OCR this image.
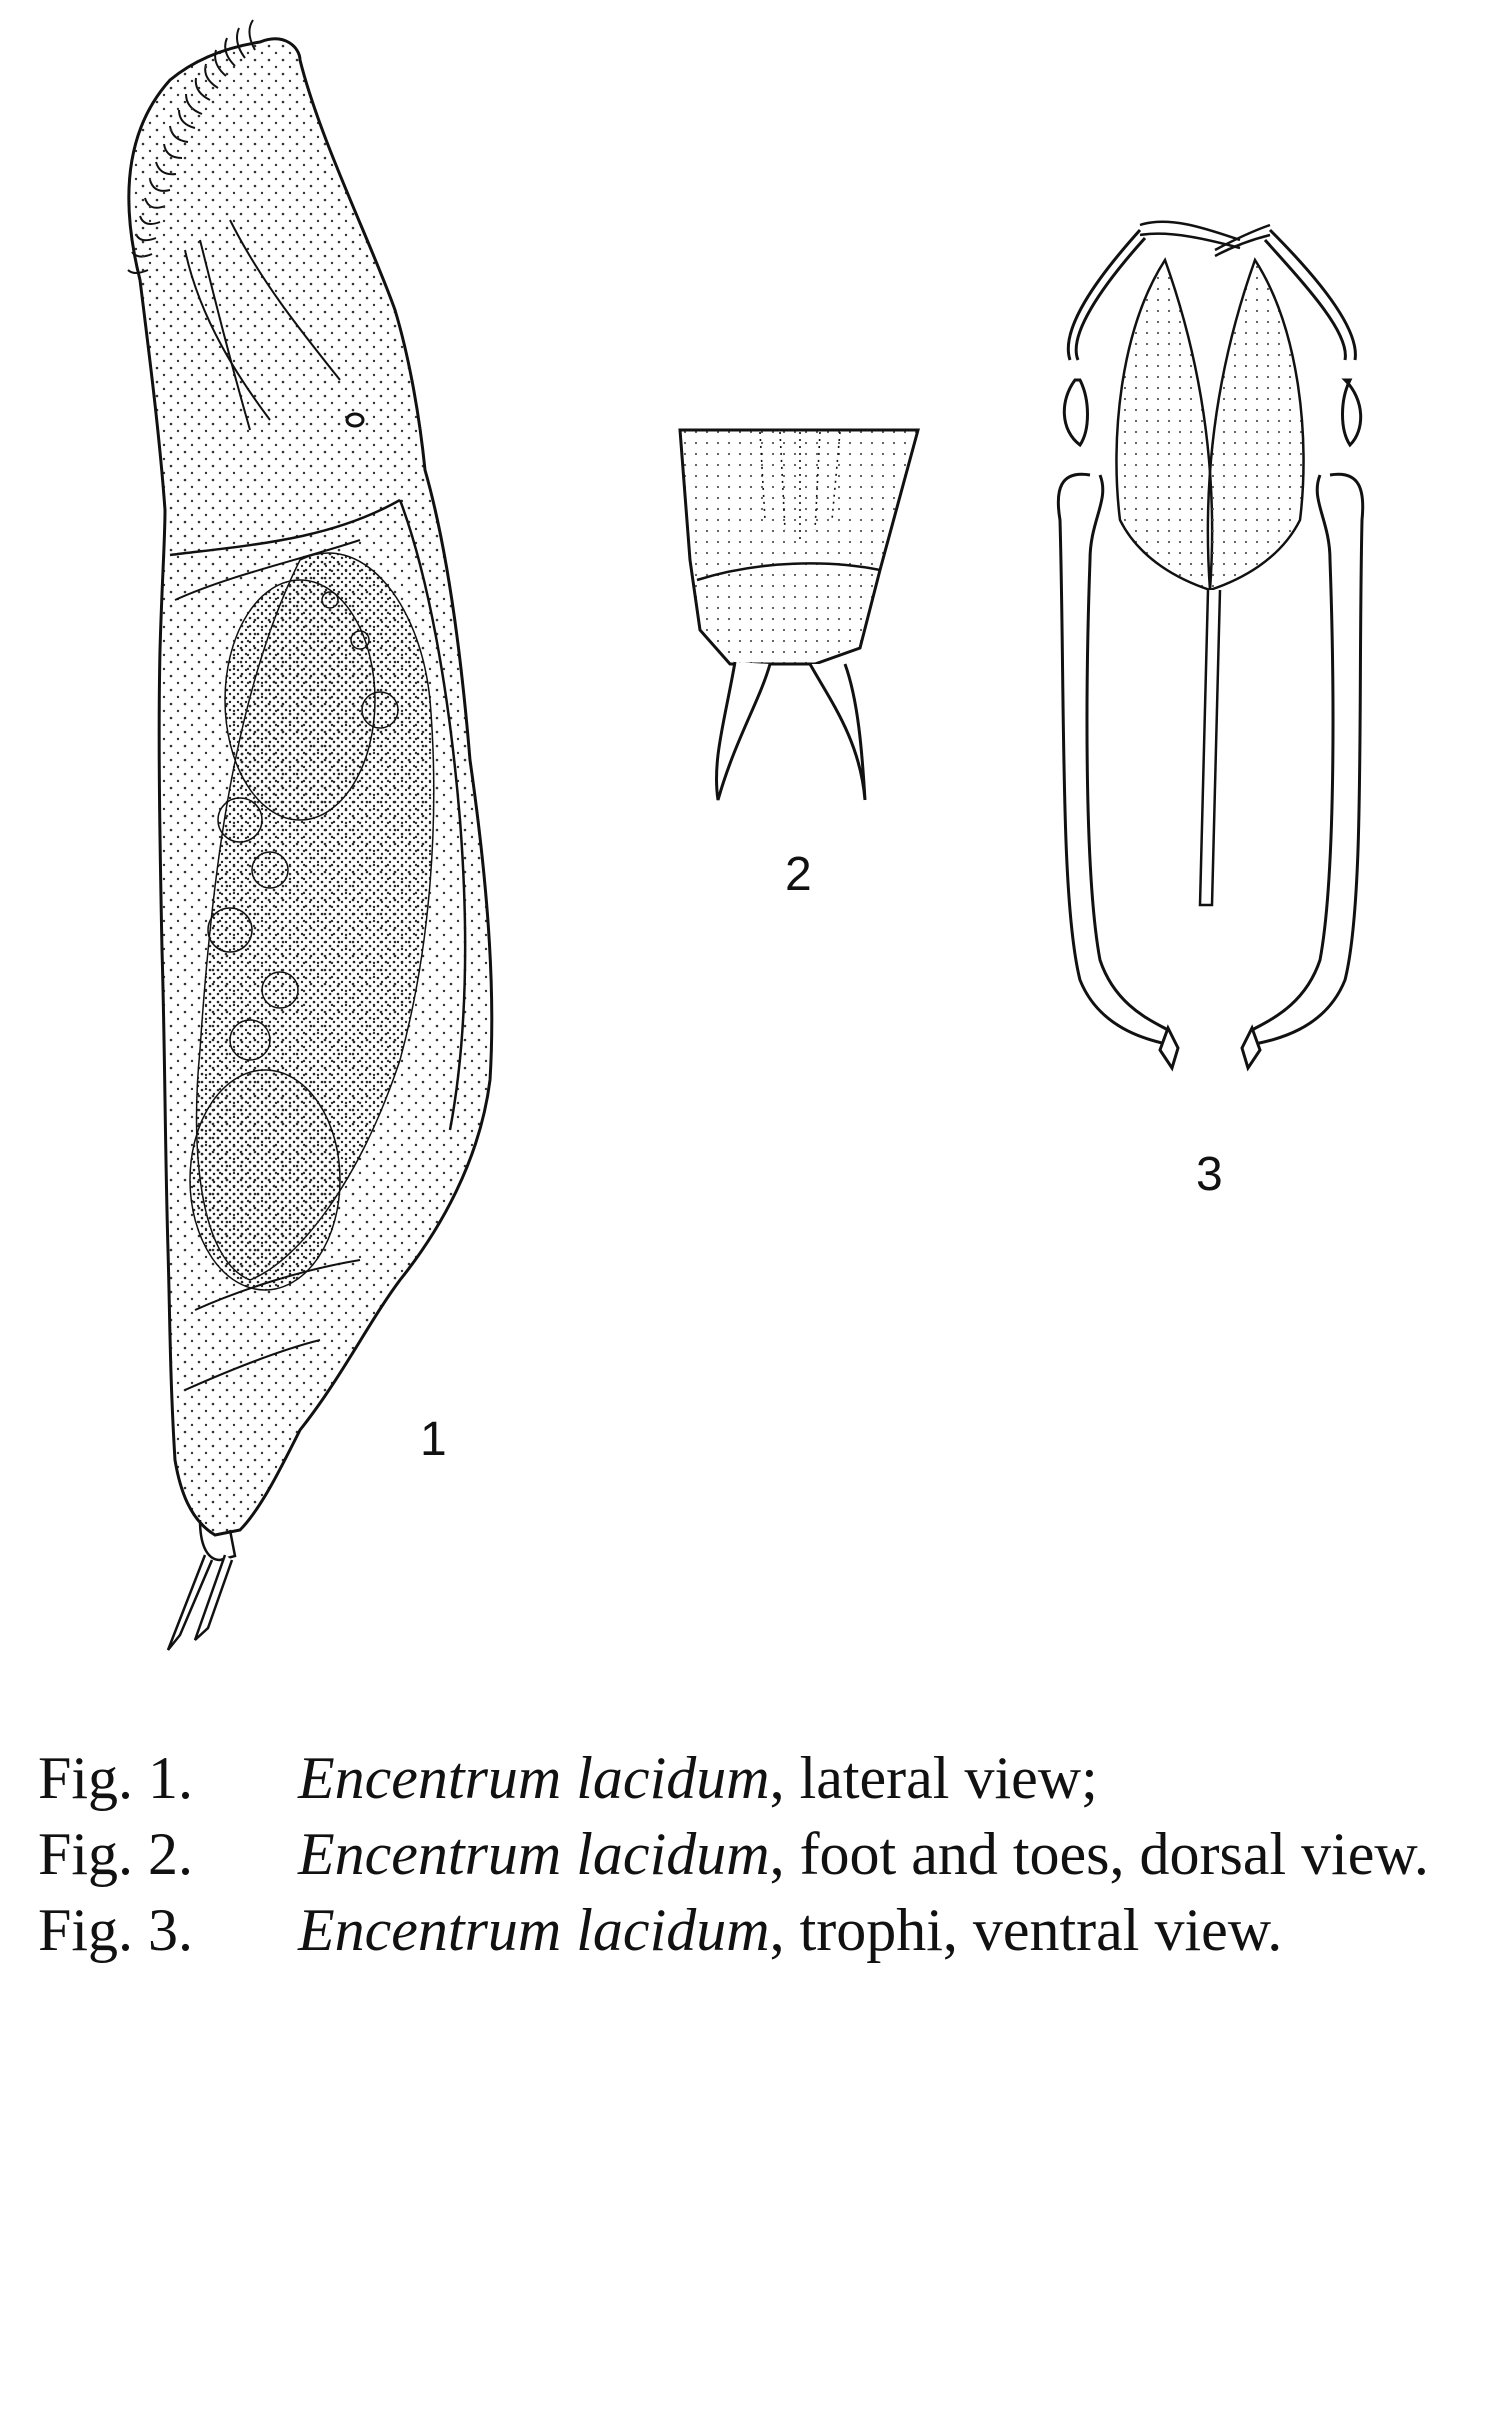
1
2
3
Fig. 1.	Encentrum lacidum, lateral view;
Fig. 2.	Encentrum lacidum, foot and toes, dorsal view.
Fig. 3.	Encentrum lacidum, trophi, ventral view.
